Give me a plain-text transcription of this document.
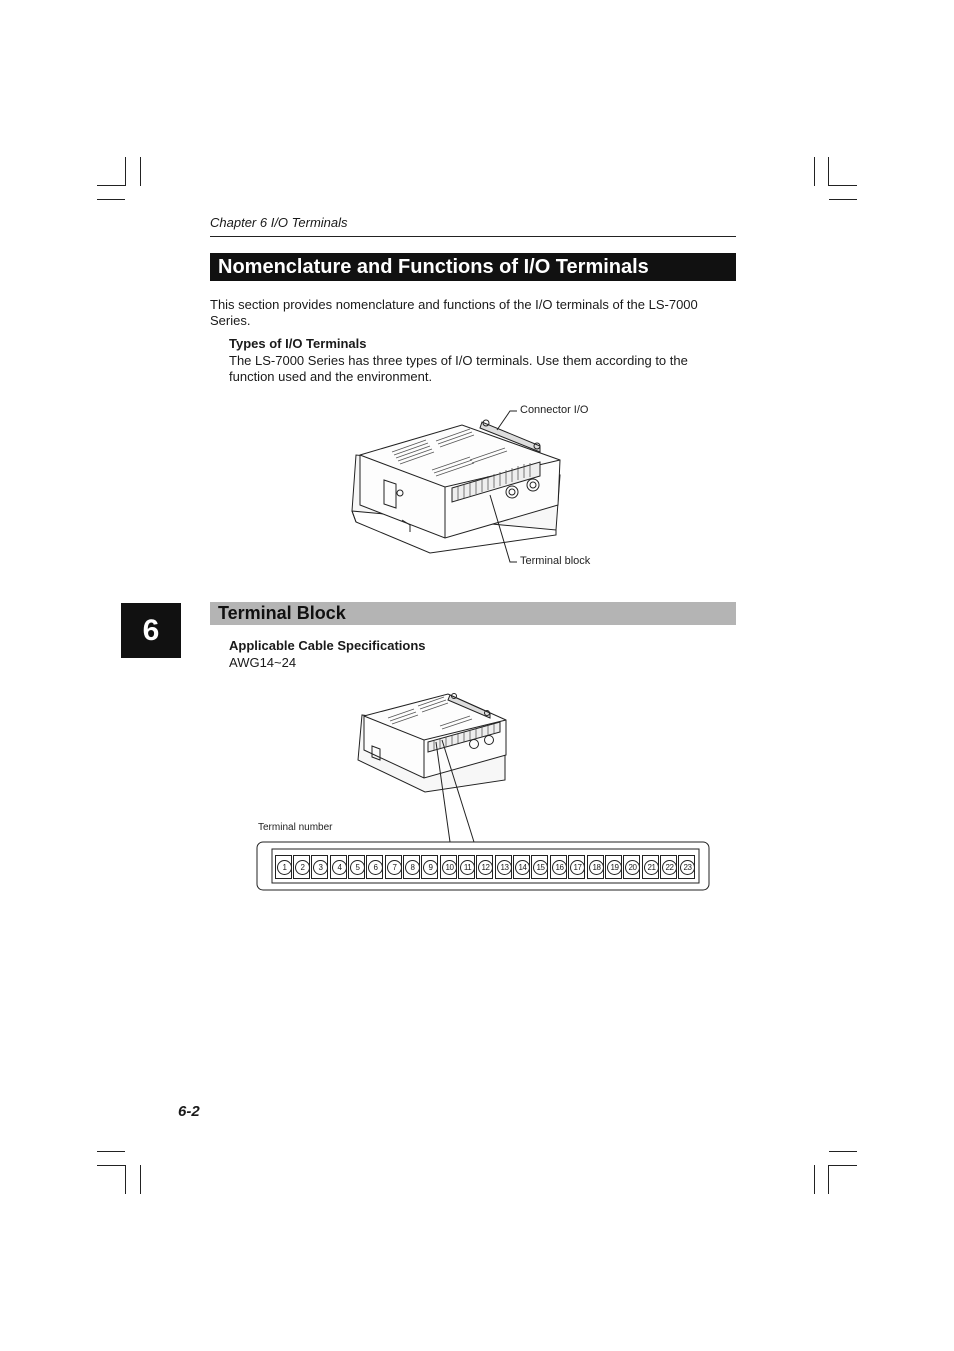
Chapter 6 I/O Terminals
Nomenclature and Functions of I/O Terminals
This section provides nomenclature and functions of the I/O terminals of the LS-7000 Series.
Types of I/O Terminals
The LS-7000 Series has three types of I/O terminals. Use them according to the function used and the environment.
Connector I/O
Terminal block
6
Terminal Block
Applicable Cable Specifications
AWG14~24
Terminal number
1	2	3	4	5	6	7	8	9	10	11	12	13	14	15	16	17	18	19	20	21	22	23
6-2
